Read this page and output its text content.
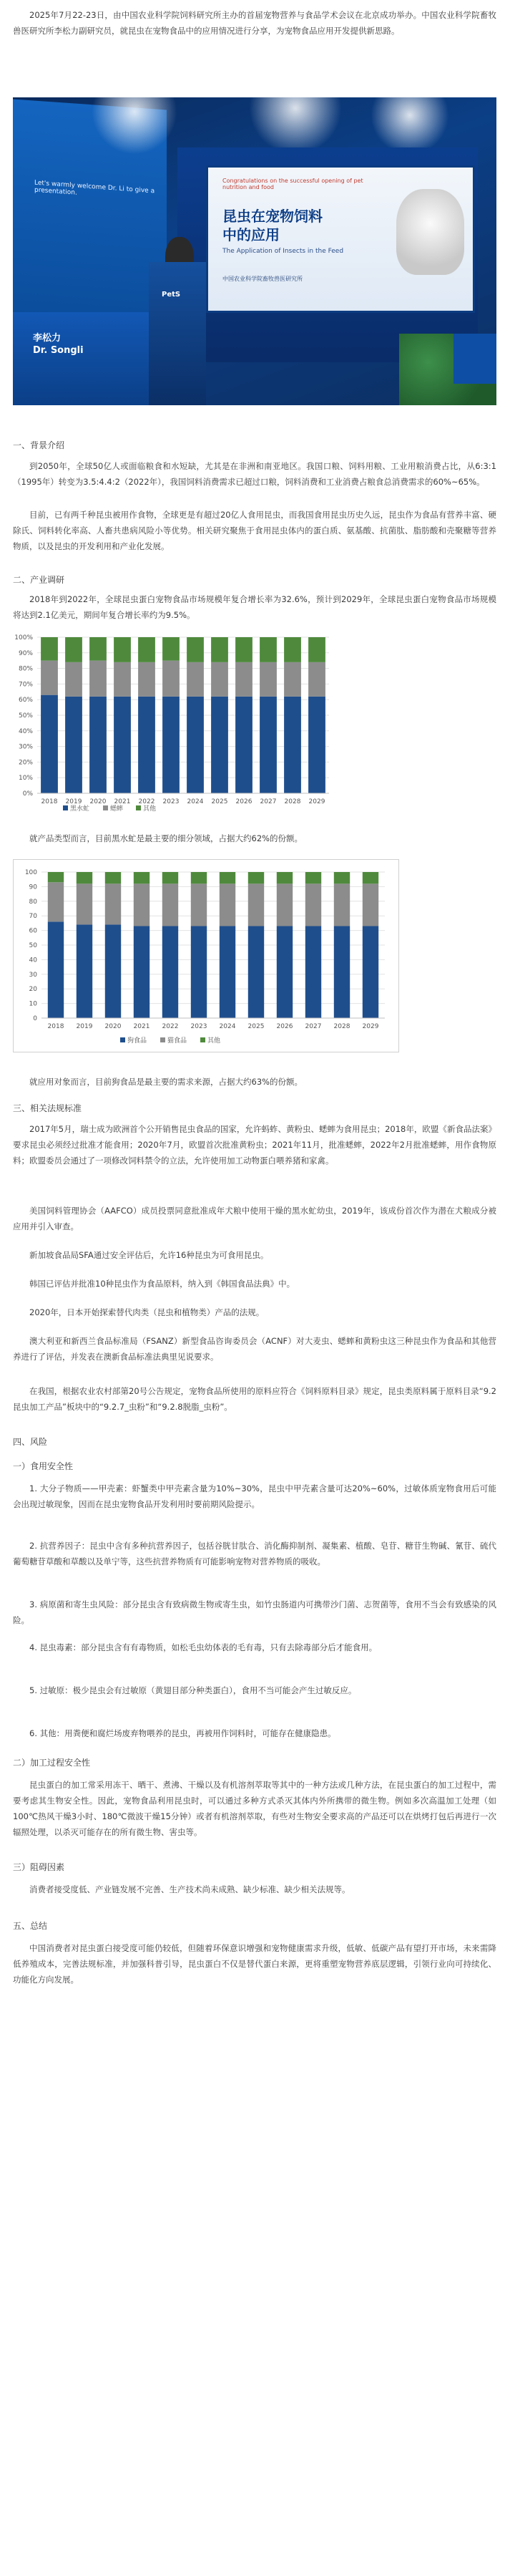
2025年7月22-23日，由中国农业科学院饲料研究所主办的首届宠物营养与食品学术会议在北京成功举办。中国农业科学院畜牧兽医研究所李松力副研究员，就昆虫在宠物食品中的应用情况进行分享，为宠物食品应用开发提供新思路。

Let's warmly welcome Dr. Li to give a presentation.
Congratulations on the successful opening of pet nutrition and food
昆虫在宠物饲料
中的应用
The Application of Insects in the Feed
中国农业科学院畜牧兽医研究所
PetS
李松力
Dr. Songli
一、背景介绍

到2050年，全球50亿人或面临粮食和水短缺，尤其是在非洲和南亚地区。我国口粮、饲料用粮、工业用粮消费占比，从6:3:1（1995年）转变为3.5:4.4:2（2022年），我国饲料消费需求已超过口粮，饲料消费和工业消费占粮食总消费需求的60%~65%。

目前，已有两千种昆虫被用作食物，全球更是有超过20亿人食用昆虫，而我国食用昆虫历史久远，昆虫作为食品有营养丰富、硬除氏、饲料转化率高、人畜共患病风险小等优势。相关研究聚焦于食用昆虫体内的蛋白质、氨基酸、抗菌肽、脂肪酸和壳聚糖等营养物质，以及昆虫的开发利用和产业化发展。

二、产业调研

2018年到2022年，全球昆虫蛋白宠物食品市场规模年复合增长率为32.6%，预计到2029年，全球昆虫蛋白宠物食品市场规模将达到2.1亿美元，期间年复合增长率约为9.5%。

0%
10%
20%
30%
40%
50%
60%
70%
80%
90%
100%
2018 2019 2020 2021 2022 2023 2024 2025 2026 2027 2028 2029
黑水虻	蟋蟀	其他

就产品类型而言，目前黑水虻是最主要的细分领域，占据大约62%的份额。

0
10
20
30
40
50
60
70
80
90
100
2018 2019 2020 2021 2022 2023 2024 2025 2026 2027 2028 2029
狗食品	猫食品	其他

就应用对象而言，目前狗食品是最主要的需求来源，占据大约63%的份额。

三、相关法规标准

2017年5月，瑞士成为欧洲首个公开销售昆虫食品的国家，允许蚂蚱、黄粉虫、蟋蟀为食用昆虫；2018年，欧盟《新食品法案》要求昆虫必须经过批准才能食用；2020年7月，欧盟首次批准黄粉虫；2021年11月，批准蟋蟀，2022年2月批准蟋蟀，用作食物原料；欧盟委员会通过了一项修改饲料禁令的立法，允许使用加工动物蛋白喂养猪和家禽。

美国饲料管理协会（AAFCO）成员投票同意批准成年犬粮中使用干燥的黑水虻幼虫，2019年，该成份首次作为潜在犬粮成分被应用并引入审查。

新加坡食品局SFA通过安全评估后，允许16种昆虫为可食用昆虫。

韩国已评估并批准10种昆虫作为食品原料，纳入到《韩国食品法典》中。

2020年，日本开始探索替代肉类（昆虫和植物类）产品的法规。

澳大利亚和新西兰食品标准局（FSANZ）新型食品咨询委员会（ACNF）对大麦虫、蟋蟀和黄粉虫这三种昆虫作为食品和其他营养进行了评估，并发表在澳新食品标准法典里见说要求。

在我国，根据农业农村部第20号公告规定，宠物食品所使用的原料应符合《饲料原料目录》规定，昆虫类原料属于原料目录“9.2昆虫加工产品”板块中的“9.2.7_虫粉”和“9.2.8脱脂_虫粉”。

四、风险
一）食用安全性

1. 大分子物质——甲壳素：虾蟹类中甲壳素含量为10%~30%，昆虫中甲壳素含量可达20%~60%，过敏体质宠物食用后可能会出现过敏现象，因而在昆虫宠物食品开发利用时要前期风险提示。

2. 抗营养因子：昆虫中含有多种抗营养因子，包括谷胱甘肽合、消化酶抑制剂、凝集素、植酸、皂苷、糖苷生物碱、氰苷、硫代葡萄糖苷草酸和草酸以及单宁等，这些抗营养物质有可能影响宠物对营养物质的吸收。

3. 病原菌和寄生虫风险：部分昆虫含有致病微生物或寄生虫，如竹虫肠道内可携带沙门菌、志贺菌等，食用不当会有致感染的风险。

4. 昆虫毒素：部分昆虫含有有毒物质，如松毛虫幼体表的毛有毒，只有去除毒部分后才能食用。

5. 过敏原：极少昆虫会有过敏原（黄翅目部分种类蛋白），食用不当可能会产生过敏反应。

6. 其他：用粪便和腐烂场废弃物喂养的昆虫，再被用作饲料时，可能存在健康隐患。

二）加工过程安全性

昆虫蛋白的加工常采用冻干、晒干、煮沸、干燥以及有机溶剂萃取等其中的一种方法或几种方法，在昆虫蛋白的加工过程中，需要考虑其生物安全性。因此，宠物食品利用昆虫时，可以通过多种方式杀灭其体内外所携带的微生物。例如多次高温加工处理（如100℃热风干燥3小时、180℃微波干燥15分钟）或者有机溶剂萃取，有些对生物安全要求高的产品还可以在烘烤打包后再进行一次辐照处理，以杀灭可能存在的所有微生物、害虫等。

三）阻碍因素

消费者接受度低、产业链发展不完善、生产技术尚未成熟、缺少标准、缺少相关法规等。

五、总结

中国消费者对昆虫蛋白接受度可能仍较低，但随着环保意识增强和宠物健康需求升级，低敏、低碳产品有望打开市场，未来需降低养殖成本，完善法规标准，并加强科普引导，昆虫蛋白不仅是替代蛋白来源，更将重塑宠物营养底层逻辑，引领行业向可持续化、功能化方向发展。
